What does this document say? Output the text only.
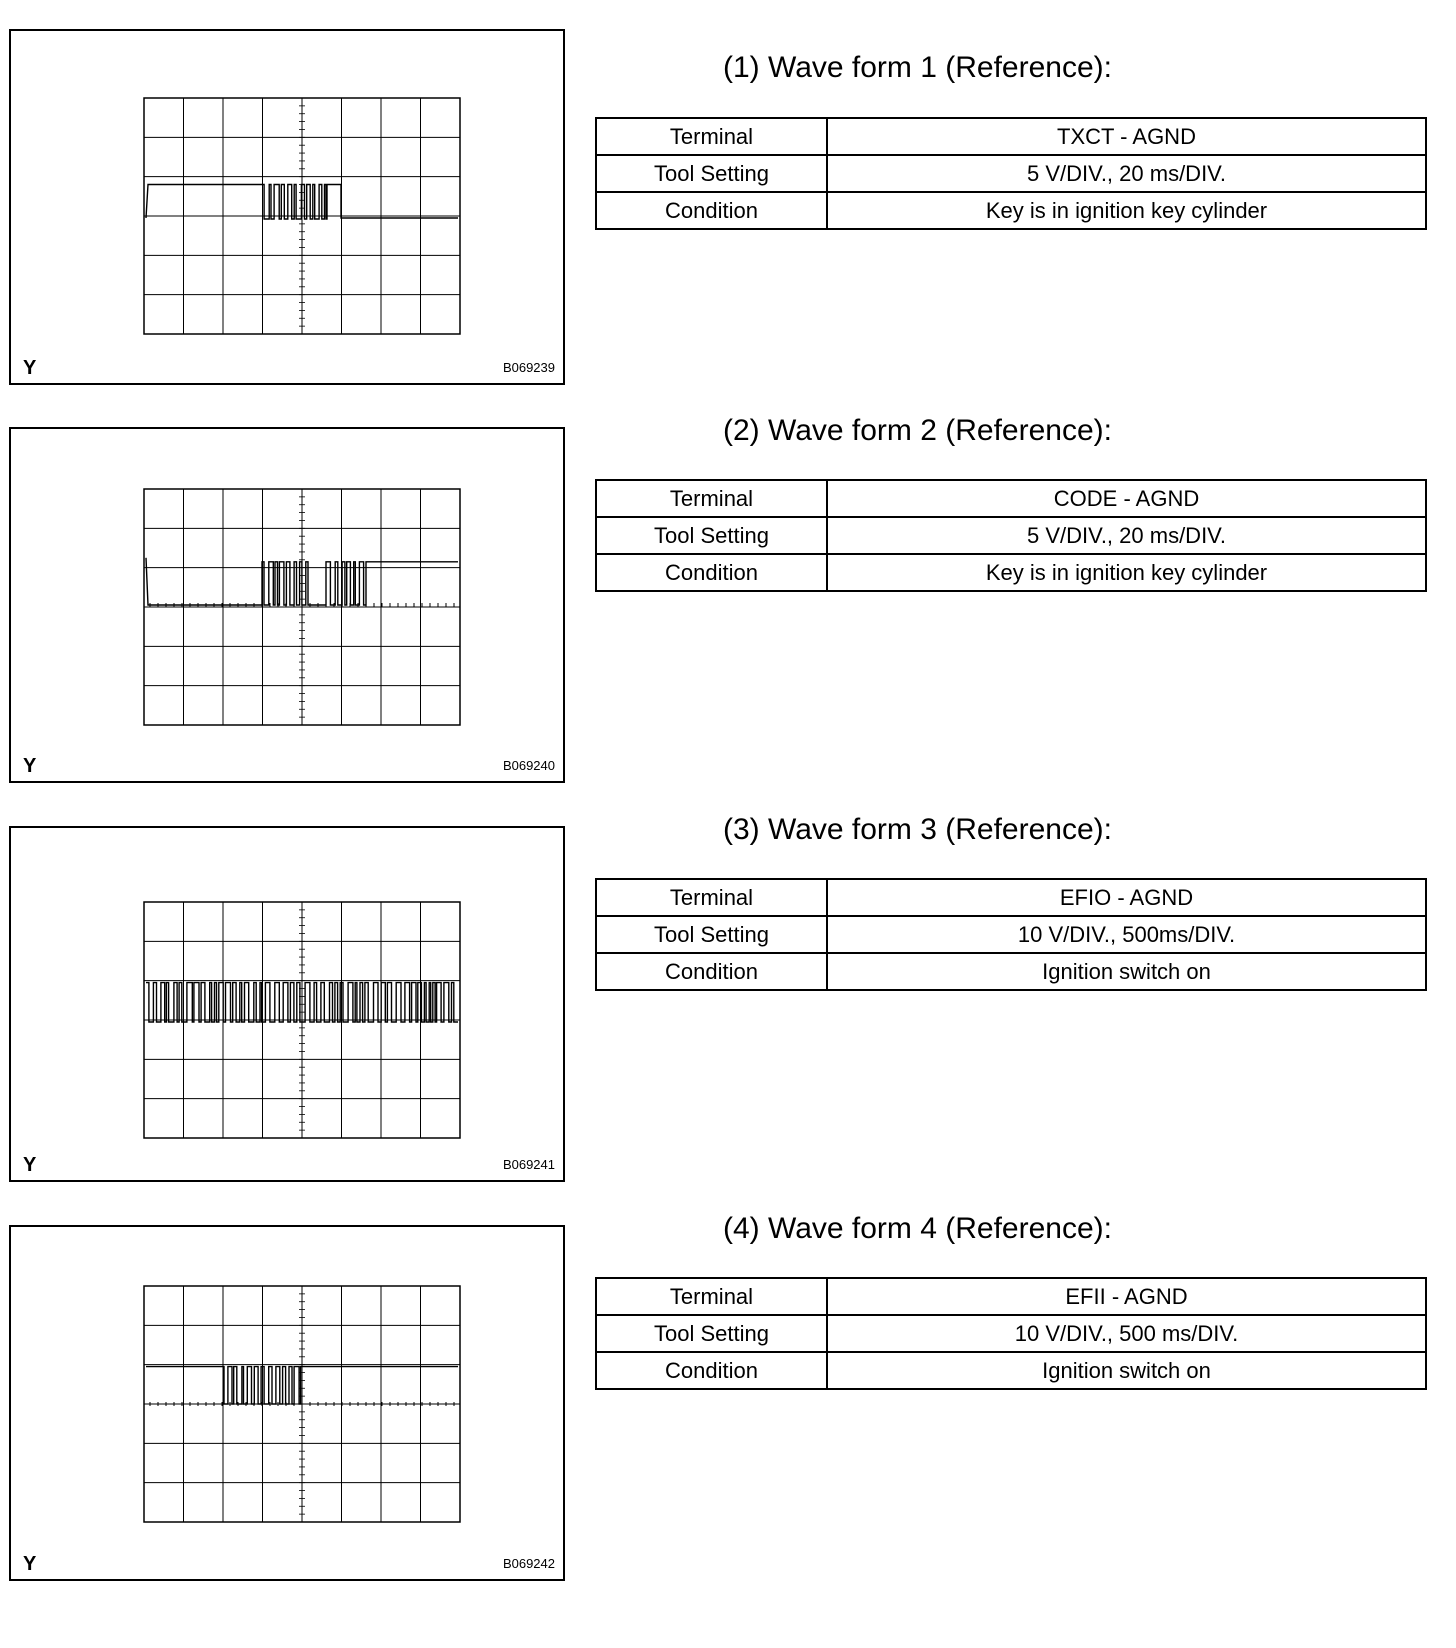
Y	B069239
(1) Wave form 1 (Reference):
Terminal	TXCT - AGND
Tool Setting	5 V/DIV., 20 ms/DIV.
Condition	Key is in ignition key cylinder
Y	B069240
(2) Wave form 2 (Reference):
Terminal	CODE - AGND
Tool Setting	5 V/DIV., 20 ms/DIV.
Condition	Key is in ignition key cylinder
Y	B069241
(3) Wave form 3 (Reference):
Terminal	EFIO - AGND
Tool Setting	10 V/DIV., 500ms/DIV.
Condition	Ignition switch on
Y	B069242
(4) Wave form 4 (Reference):
Terminal	EFII - AGND
Tool Setting	10 V/DIV., 500 ms/DIV.
Condition	Ignition switch on
